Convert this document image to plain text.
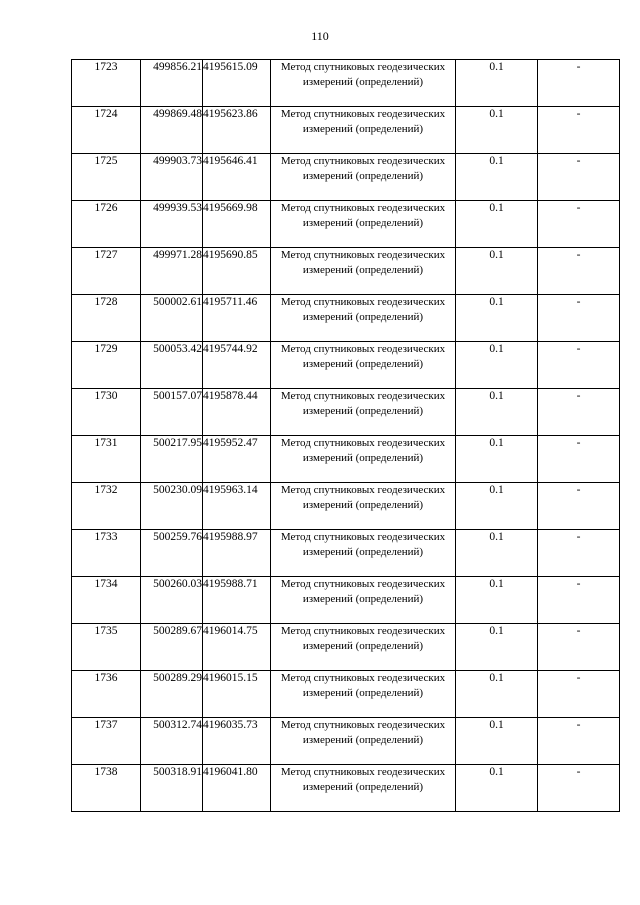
110
1723	499856.21	4195615.09	Метод спутниковых геодезических измерений (определений)	0.1	-
1724	499869.48	4195623.86	Метод спутниковых геодезических измерений (определений)	0.1	-
1725	499903.73	4195646.41	Метод спутниковых геодезических измерений (определений)	0.1	-
1726	499939.53	4195669.98	Метод спутниковых геодезических измерений (определений)	0.1	-
1727	499971.28	4195690.85	Метод спутниковых геодезических измерений (определений)	0.1	-
1728	500002.61	4195711.46	Метод спутниковых геодезических измерений (определений)	0.1	-
1729	500053.42	4195744.92	Метод спутниковых геодезических измерений (определений)	0.1	-
1730	500157.07	4195878.44	Метод спутниковых геодезических измерений (определений)	0.1	-
1731	500217.95	4195952.47	Метод спутниковых геодезических измерений (определений)	0.1	-
1732	500230.09	4195963.14	Метод спутниковых геодезических измерений (определений)	0.1	-
1733	500259.76	4195988.97	Метод спутниковых геодезических измерений (определений)	0.1	-
1734	500260.03	4195988.71	Метод спутниковых геодезических измерений (определений)	0.1	-
1735	500289.67	4196014.75	Метод спутниковых геодезических измерений (определений)	0.1	-
1736	500289.29	4196015.15	Метод спутниковых геодезических измерений (определений)	0.1	-
1737	500312.74	4196035.73	Метод спутниковых геодезических измерений (определений)	0.1	-
1738	500318.91	4196041.80	Метод спутниковых геодезических измерений (определений)	0.1	-
